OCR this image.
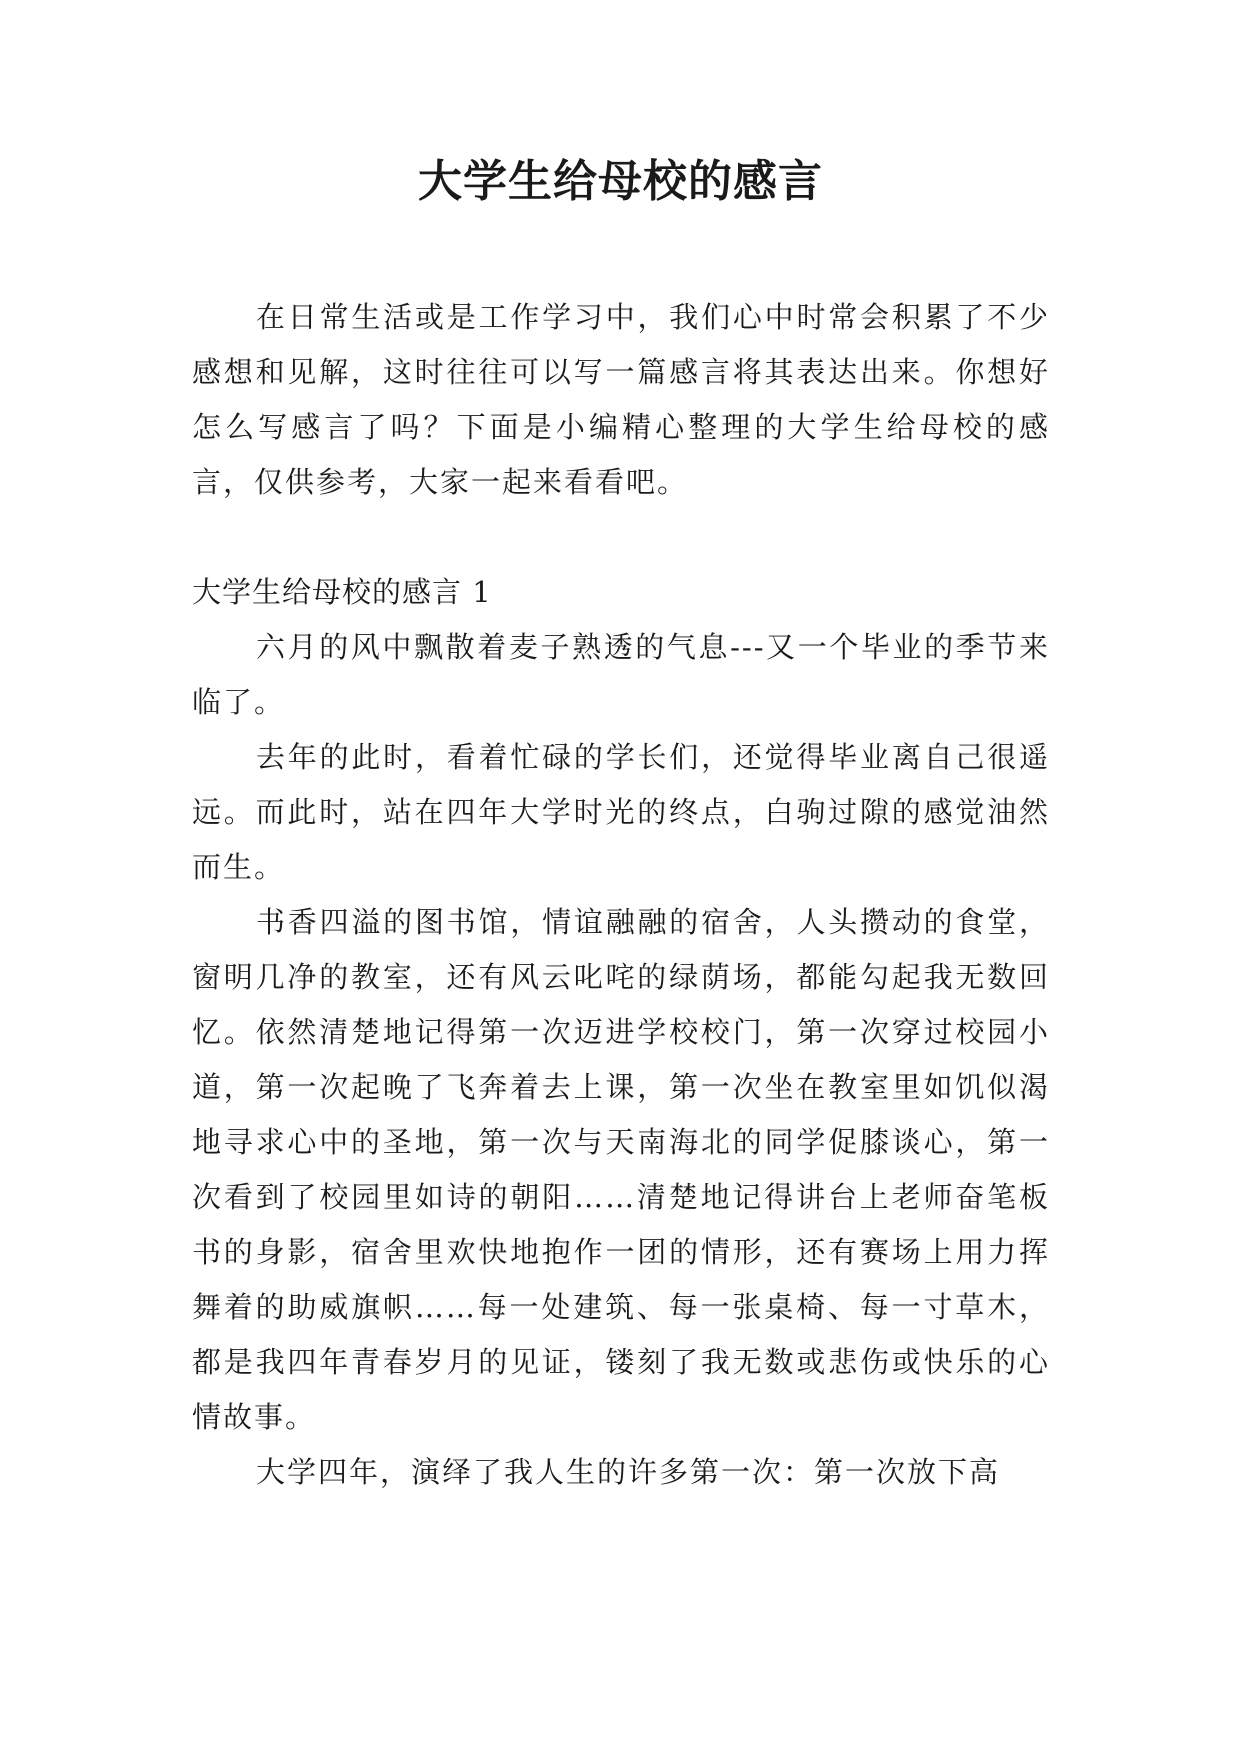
大学生给母校的感言

在日常生活或是工作学习中，我们心中时常会积累了不少感想和见解，这时往往可以写一篇感言将其表达出来。你想好怎么写感言了吗？下面是小编精心整理的大学生给母校的感言，仅供参考，大家一起来看看吧。

大学生给母校的感言 1

六月的风中飘散着麦子熟透的气息---又一个毕业的季节来临了。

去年的此时，看着忙碌的学长们，还觉得毕业离自己很遥远。而此时，站在四年大学时光的终点，白驹过隙的感觉油然而生。

书香四溢的图书馆，情谊融融的宿舍，人头攒动的食堂，窗明几净的教室，还有风云叱咤的绿荫场，都能勾起我无数回忆。依然清楚地记得第一次迈进学校校门，第一次穿过校园小道，第一次起晚了飞奔着去上课，第一次坐在教室里如饥似渴地寻求心中的圣地，第一次与天南海北的同学促膝谈心，第一次看到了校园里如诗的朝阳……清楚地记得讲台上老师奋笔板书的身影，宿舍里欢快地抱作一团的情形，还有赛场上用力挥舞着的助威旗帜……每一处建筑、每一张桌椅、每一寸草木，都是我四年青春岁月的见证，镂刻了我无数或悲伤或快乐的心情故事。

大学四年，演绎了我人生的许多第一次：第一次放下高
